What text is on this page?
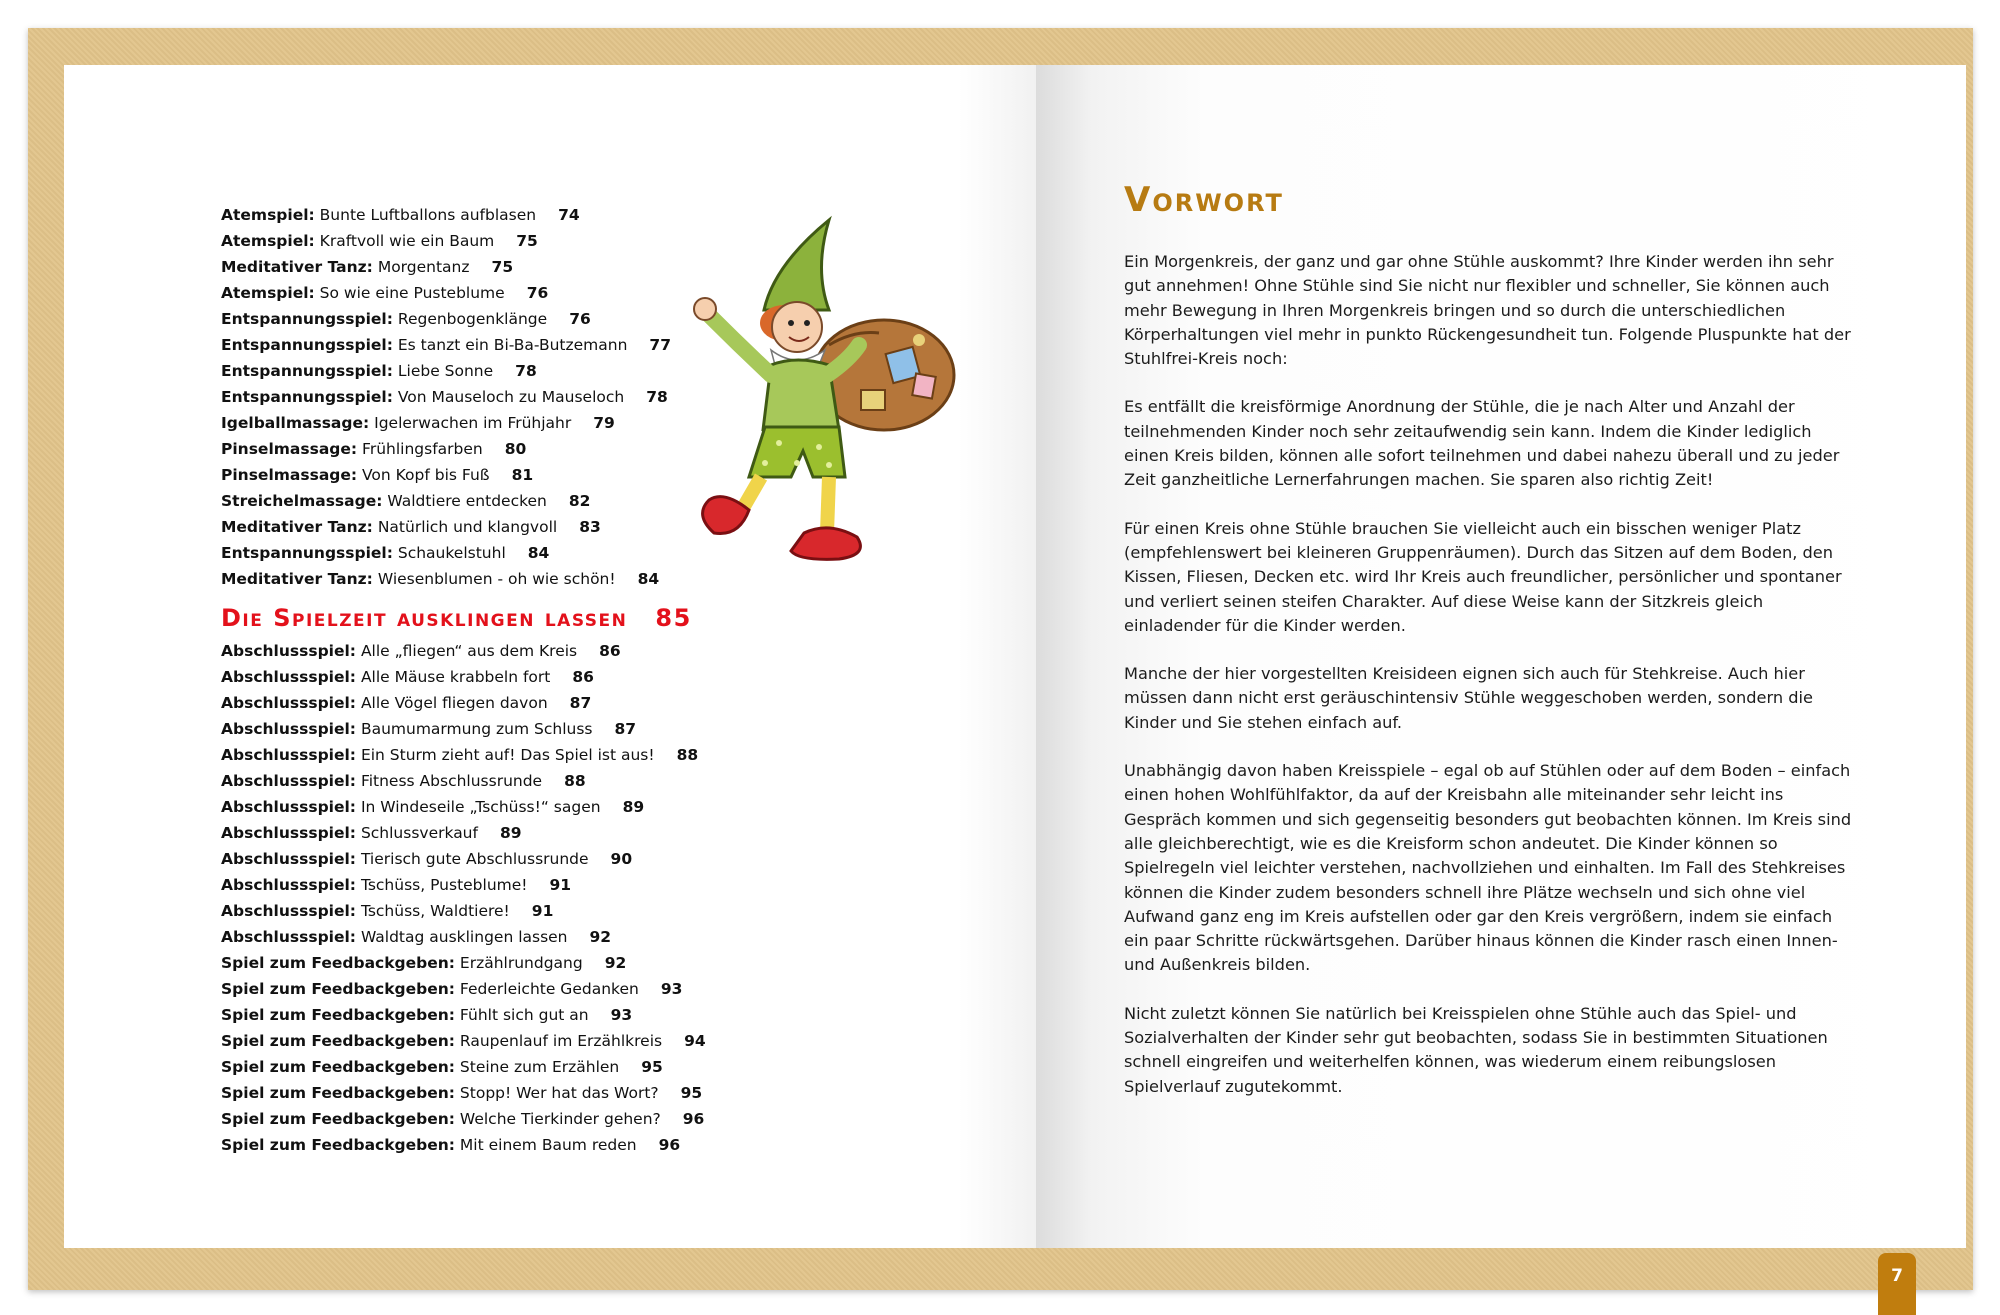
Atemspiel: Bunte Luftballons aufblasen 74
Atemspiel: Kraftvoll wie ein Baum 75
Meditativer Tanz: Morgentanz 75
Atemspiel: So wie eine Pusteblume 76
Entspannungsspiel: Regenbogenklänge 76
Entspannungsspiel: Es tanzt ein Bi-Ba-Butzemann 77
Entspannungsspiel: Liebe Sonne 78
Entspannungsspiel: Von Mauseloch zu Mauseloch 78
Igelballmassage: Igelerwachen im Frühjahr 79
Pinselmassage: Frühlingsfarben 80
Pinselmassage: Von Kopf bis Fuß 81
Streichelmassage: Waldtiere entdecken 82
Meditativer Tanz: Natürlich und klangvoll 83
Entspannungsspiel: Schaukelstuhl 84
Meditativer Tanz: Wiesenblumen - oh wie schön! 84
Die Spielzeit ausklingen lassen 85
Abschlussspiel: Alle „fliegen“ aus dem Kreis 86
Abschlussspiel: Alle Mäuse krabbeln fort 86
Abschlussspiel: Alle Vögel fliegen davon 87
Abschlussspiel: Baumumarmung zum Schluss 87
Abschlussspiel: Ein Sturm zieht auf! Das Spiel ist aus! 88
Abschlussspiel: Fitness Abschlussrunde 88
Abschlussspiel: In Windeseile „Tschüss!“ sagen 89
Abschlussspiel: Schlussverkauf 89
Abschlussspiel: Tierisch gute Abschlussrunde 90
Abschlussspiel: Tschüss, Pusteblume! 91
Abschlussspiel: Tschüss, Waldtiere! 91
Abschlussspiel: Waldtag ausklingen lassen 92
Spiel zum Feedbackgeben: Erzählrundgang 92
Spiel zum Feedbackgeben: Federleichte Gedanken 93
Spiel zum Feedbackgeben: Fühlt sich gut an 93
Spiel zum Feedbackgeben: Raupenlauf im Erzählkreis 94
Spiel zum Feedbackgeben: Steine zum Erzählen 95
Spiel zum Feedbackgeben: Stopp! Wer hat das Wort? 95
Spiel zum Feedbackgeben: Welche Tierkinder gehen? 96
Spiel zum Feedbackgeben: Mit einem Baum reden 96
Vorwort

Ein Morgenkreis, der ganz und gar ohne Stühle auskommt? Ihre Kinder werden ihn sehr gut annehmen! Ohne Stühle sind Sie nicht nur flexibler und schneller, Sie können auch mehr Bewegung in Ihren Morgenkreis bringen und so durch die unterschiedlichen Körperhaltungen viel mehr in punkto Rückengesundheit tun. Folgende Pluspunkte hat der Stuhlfrei-Kreis noch:

Es entfällt die kreisförmige Anordnung der Stühle, die je nach Alter und Anzahl der teilnehmenden Kinder noch sehr zeitaufwendig sein kann. Indem die Kinder lediglich einen Kreis bilden, können alle sofort teilnehmen und dabei nahezu überall und zu jeder Zeit ganzheitliche Lernerfahrungen machen. Sie sparen also richtig Zeit!

Für einen Kreis ohne Stühle brauchen Sie vielleicht auch ein bisschen weniger Platz (empfehlenswert bei kleineren Gruppenräumen). Durch das Sitzen auf dem Boden, den Kissen, Fliesen, Decken etc. wird Ihr Kreis auch freundlicher, persönlicher und spontaner und verliert seinen steifen Charakter. Auf diese Weise kann der Sitzkreis gleich einladender für die Kinder werden.

Manche der hier vorgestellten Kreisideen eignen sich auch für Stehkreise. Auch hier müssen dann nicht erst geräuschintensiv Stühle weggeschoben werden, sondern die Kinder und Sie stehen einfach auf.

Unabhängig davon haben Kreisspiele – egal ob auf Stühlen oder auf dem Boden – einfach einen hohen Wohlfühlfaktor, da auf der Kreisbahn alle miteinander sehr leicht ins Gespräch kommen und sich gegenseitig besonders gut beobachten können. Im Kreis sind alle gleichberechtigt, wie es die Kreisform schon andeutet. Die Kinder können so Spielregeln viel leichter verstehen, nachvollziehen und einhalten. Im Fall des Stehkreises können die Kinder zudem besonders schnell ihre Plätze wechseln und sich ohne viel Aufwand ganz eng im Kreis aufstellen oder gar den Kreis vergrößern, indem sie einfach ein paar Schritte rückwärtsgehen. Darüber hinaus können die Kinder rasch einen Innen- und Außenkreis bilden.

Nicht zuletzt können Sie natürlich bei Kreisspielen ohne Stühle auch das Spiel- und Sozialverhalten der Kinder sehr gut beobachten, sodass Sie in bestimmten Situationen schnell eingreifen und weiterhelfen können, was wiederum einem reibungslosen Spielverlauf zugutekommt.

7
